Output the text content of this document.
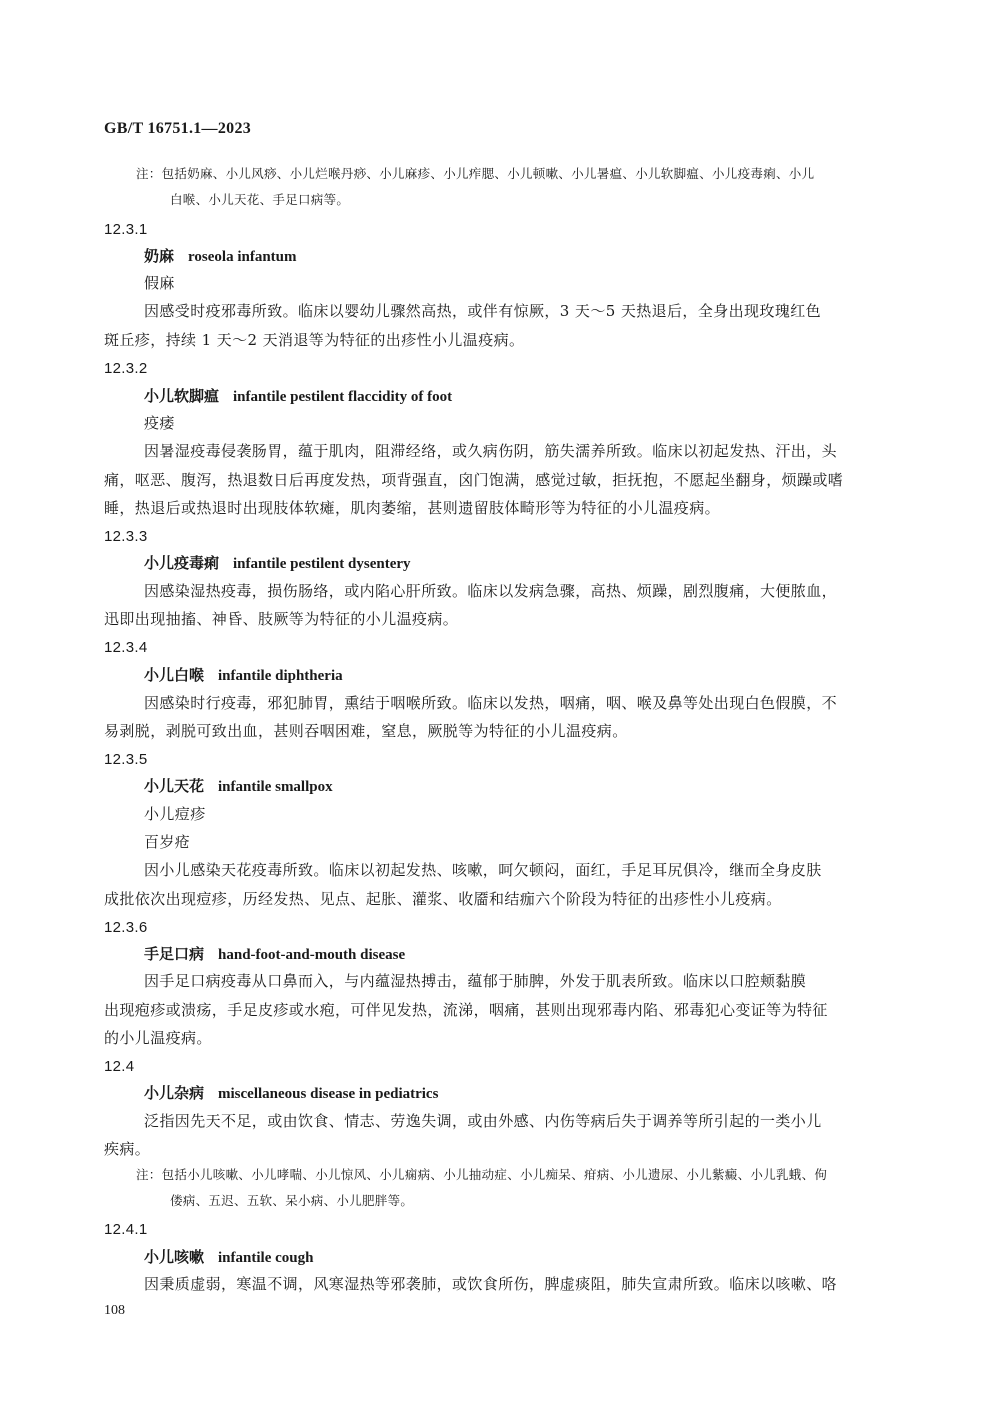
GB/T 16751.1—2023
注：包括奶麻、小儿风痧、小儿烂喉丹痧、小儿麻疹、小儿痄腮、小儿顿嗽、小儿暑瘟、小儿软脚瘟、小儿疫毒痢、小儿
白喉、小儿天花、手足口病等。
12.3.1
奶麻 roseola infantum
假麻
因感受时疫邪毒所致。临床以婴幼儿骤然高热，或伴有惊厥，3 天～5 天热退后，全身出现玫瑰红色
斑丘疹，持续 1 天～2 天消退等为特征的出疹性小儿温疫病。
12.3.2
小儿软脚瘟 infantile pestilent flaccidity of foot
疫痿
因暑湿疫毒侵袭肠胃，蕴于肌肉，阻滞经络，或久病伤阴，筋失濡养所致。临床以初起发热、汗出，头
痛，呕恶、腹泻，热退数日后再度发热，项背强直，囟门饱满，感觉过敏，拒抚抱，不愿起坐翻身，烦躁或嗜
睡，热退后或热退时出现肢体软瘫，肌肉萎缩，甚则遗留肢体畸形等为特征的小儿温疫病。
12.3.3
小儿疫毒痢 infantile pestilent dysentery
因感染湿热疫毒，损伤肠络，或内陷心肝所致。临床以发病急骤，高热、烦躁，剧烈腹痛，大便脓血，
迅即出现抽搐、神昏、肢厥等为特征的小儿温疫病。
12.3.4
小儿白喉 infantile diphtheria
因感染时行疫毒，邪犯肺胃，熏结于咽喉所致。临床以发热，咽痛，咽、喉及鼻等处出现白色假膜，不
易剥脱，剥脱可致出血，甚则吞咽困难，窒息，厥脱等为特征的小儿温疫病。
12.3.5
小儿天花 infantile smallpox
小儿痘疹
百岁疮
因小儿感染天花疫毒所致。临床以初起发热、咳嗽，呵欠顿闷，面红，手足耳尻俱冷，继而全身皮肤
成批依次出现痘疹，历经发热、见点、起胀、灌浆、收靥和结痂六个阶段为特征的出疹性小儿疫病。
12.3.6
手足口病 hand-foot-and-mouth disease
因手足口病疫毒从口鼻而入，与内蕴湿热搏击，蕴郁于肺脾，外发于肌表所致。临床以口腔颊黏膜
出现疱疹或溃疡，手足皮疹或水疱，可伴见发热，流涕，咽痛，甚则出现邪毒内陷、邪毒犯心变证等为特征
的小儿温疫病。
12.4
小儿杂病 miscellaneous disease in pediatrics
泛指因先天不足，或由饮食、情志、劳逸失调，或由外感、内伤等病后失于调养等所引起的一类小儿
疾病。
注：包括小儿咳嗽、小儿哮喘、小儿惊风、小儿痫病、小儿抽动症、小儿痴呆、疳病、小儿遗尿、小儿紫癜、小儿乳蛾、佝
偻病、五迟、五软、呆小病、小儿肥胖等。
12.4.1
小儿咳嗽 infantile cough
因秉质虚弱，寒温不调，风寒湿热等邪袭肺，或饮食所伤，脾虚痰阻，肺失宣肃所致。临床以咳嗽、咯
108
